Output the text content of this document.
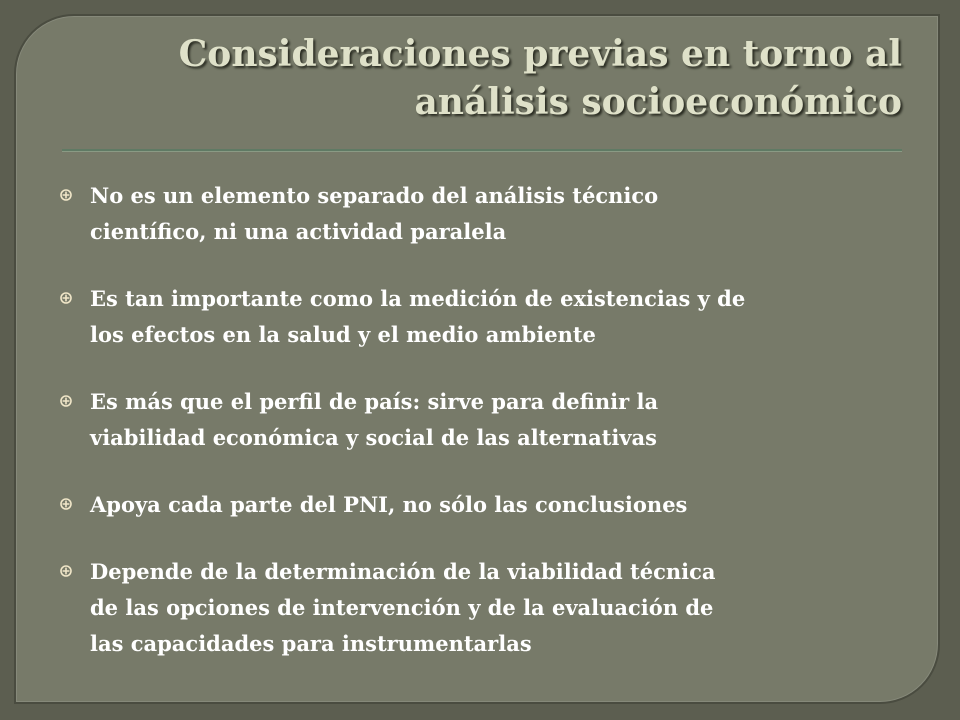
Consideraciones previas en torno al
análisis socioeconómico
No es un elemento separado del análisis técnico
científico, ni una actividad paralela
Es tan importante como la medición de existencias y de
los efectos en la salud y el medio ambiente
Es más que el perfil de país: sirve para definir la
viabilidad económica y social de las alternativas
Apoya cada parte del PNI, no sólo las conclusiones
Depende de la determinación de la viabilidad técnica
de las opciones de intervención y de la evaluación de
las capacidades para instrumentarlas
